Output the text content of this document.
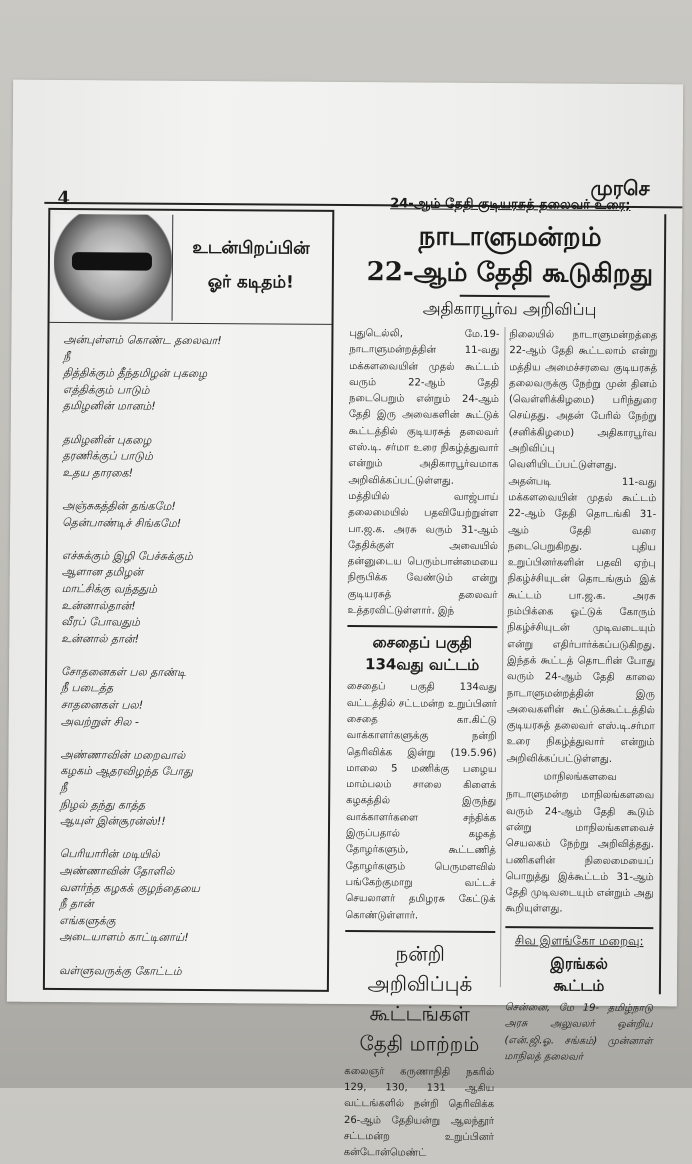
4	முரசெ
உடன்பிறப்பின்
ஓர் கடிதம்!
அன்புள்ளம் கொண்ட தலைவா!
நீ
தித்திக்கும் தீந்தமிழன் புகழை
எத்திக்கும் பாடும்
தமிழனின் மானம்!
தமிழனின் புகழை
தரணிக்குப் பாடும்
உதய தாரகை!
அஞ்சுகத்தின் தங்கமே!
தென்பாண்டிச் சிங்கமே!
எச்சுக்கும் இழி பேச்சுக்கும்
ஆளான தமிழன்
மாட்சிக்கு வந்ததும்
உன்னால்தான்!
வீரப் போவதும்
உன்னால் தான்!
சோதனைகள் பல தாண்டி
நீ படைத்த
சாதனைகள் பல!
அவற்றுள் சில -
அண்ணாவின் மறைவால்
கழகம் ஆதரவிழந்த போது
நீ
நிழல் தந்து காத்த
ஆயுள் இன்சூரன்ஸ்!!
பெரியாரின் மடியில்
அண்ணாவின் தோளில்
வளர்ந்த கழகக் குழந்தையை
நீ தான்
எங்களுக்கு
அடையாளம் காட்டினாய்!
வள்ளுவருக்கு கோட்டம்
24-ஆம் தேதி குடியரசுத் தலைவர் உரை;
நாடாளுமன்றம்
22-ஆம் தேதி கூடுகிறது
அதிகாரபூர்வ அறிவிப்பு
புதுடெல்லி, மே.19- நாடாளுமன்றத்தின் 11-வது மக்களவையின் முதல் கூட்டம் வரும் 22-ஆம் தேதி நடைபெறும் என்றும் 24-ஆம் தேதி இரு அவைகளின் கூட்டுக் கூட்டத்தில் குடியரசுத் தலைவர் எஸ்.டி. சர்மா உரை நிகழ்த்துவார் என்றும் அதிகாரபூர்வமாக அறிவிக்கப்பட்டுள்ளது. மத்தியில் வாஜ்பாய் தலைமையில் பதவியேற்றுள்ள பா.ஜ.க. அரசு வரும் 31-ஆம் தேதிக்குள் அவையில் தன்னுடைய பெரும்பான்மையை நிரூபிக்க வேண்டும் என்று குடியரசுத் தலைவர் உத்தரவிட்டுள்ளார். இந்
சைதைப் பகுதி
134வது வட்டம்
சைதைப் பகுதி 134வது வட்டத்தில் சட்டமன்ற உறுப்பினர் சைதை கா.கிட்டு வாக்காளர்களுக்கு நன்றி தெரிவிக்க இன்று (19.5.96) மாலை 5 மணிக்கு பழைய மாம்பலம் சாலை கிளைக் கழகத்தில் இருந்து வாக்காளர்களை சந்திக்க இருப்பதால் கழகத் தோழர்களும், கூட்டணித் தோழர்களும் பெருமளவில் பங்கேற்குமாறு வட்டச் செயலாளர் தமிழரசு கேட்டுக் கொண்டுள்ளார்.
நன்றி அறிவிப்புக்
கூட்டங்கள்
தேதி மாற்றம்
கலைஞர் கருணாநிதி நகரில் 129, 130, 131 ஆகிய வட்டங்களில் நன்றி தெரிவிக்க 26-ஆம் தேதியன்று ஆலந்தூர் சட்டமன்ற உறுப்பினர் கன்டோன்மெண்ட்
நிலையில் நாடாளுமன்றத்தை 22-ஆம் தேதி கூட்டலாம் என்று மத்திய அமைச்சரவை குடியரசுத் தலைவருக்கு நேற்று முன் தினம் (வெள்ளிக்கிழமை) பரிந்துரை செய்தது. அதன் பேரில் நேற்று (சனிக்கிழமை) அதிகாரபூர்வ அறிவிப்பு வெளியிடப்பட்டுள்ளது. அதன்படி 11-வது மக்களவையின் முதல் கூட்டம் 22-ஆம் தேதி தொடங்கி 31-ஆம் தேதி வரை நடைபெறுகிறது. புதிய உறுப்பினர்களின் பதவி ஏற்பு நிகழ்ச்சியுடன் தொடங்கும் இக் கூட்டம் பா.ஜ.க. அரசு நம்பிக்கை ஓட்டுக் கோரும் நிகழ்ச்சியுடன் முடிவடையும் என்று எதிர்பார்க்கப்படுகிறது. இந்தக் கூட்டத் தொடரின் போது வரும் 24-ஆம் தேதி காலை நாடாளுமன்றத்தின் இரு அவைகளின் கூட்டுக்கூட்டத்தில் குடியரசுத் தலைவர் எஸ்.டி.சர்மா உரை நிகழ்த்துவார் என்றும் அறிவிக்கப்பட்டுள்ளது.
மாநிலங்களவை
நாடாளுமன்ற மாநிலங்களவை வரும் 24-ஆம் தேதி கூடும் என்று மாநிலங்களவைச் செயலகம் நேற்று அறிவித்தது. பணிகளின் நிலைமையைப் பொறுத்து இக்கூட்டம் 31-ஆம் தேதி முடிவடையும் என்றும் அது கூறியுள்ளது.
சிவ இளங்கோ மறைவு:
இரங்கல்
கூட்டம்
சென்னை, மே 19- தமிழ்நாடு அரசு அலுவலர் ஒன்றிய (என்.ஜி.ஓ. சங்கம்) முன்னாள் மாநிலத் தலைவர்
